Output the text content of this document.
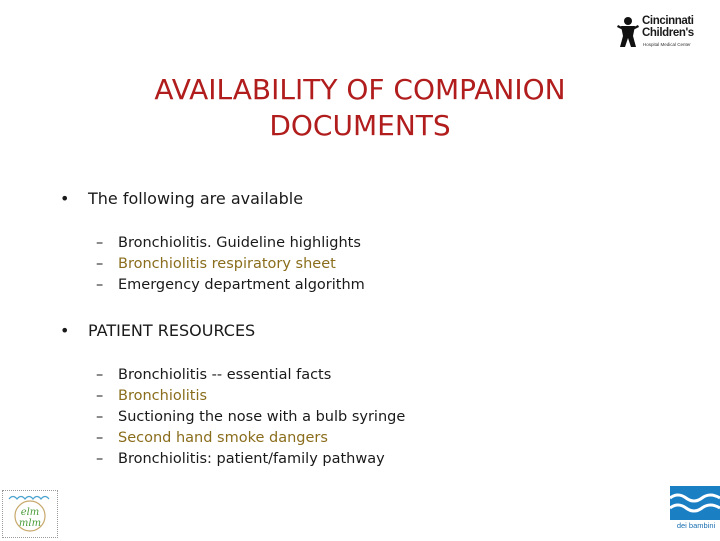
Cincinnati
Children's
Hospital Medical Center
AVAILABILITY OF COMPANION
DOCUMENTS
• The following are available
– Bronchiolitis. Guideline highlights
– Bronchiolitis respiratory sheet
– Emergency department algorithm
• PATIENT RESOURCES
– Bronchiolitis -- essential facts
– Bronchiolitis
– Suctioning the nose with a bulb syringe
– Second hand smoke dangers
– Bronchiolitis: patient/family pathway
elm
mlm	dei bambini
